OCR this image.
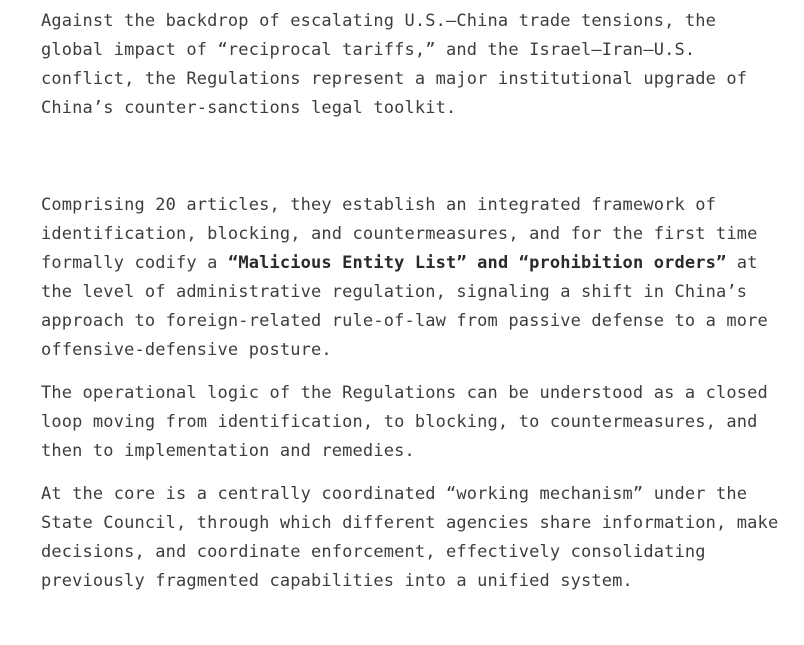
Against the backdrop of escalating U.S.–China trade tensions, the global impact of “reciprocal tariffs,” and the Israel–Iran–U.S. conflict, the Regulations represent a major institutional upgrade of China’s counter-sanctions legal toolkit.

Comprising 20 articles, they establish an integrated framework of identification, blocking, and countermeasures, and for the first time formally codify a “Malicious Entity List” and “prohibition orders” at the level of administrative regulation, signaling a shift in China’s approach to foreign-related rule-of-law from passive defense to a more offensive-defensive posture.

The operational logic of the Regulations can be understood as a closed loop moving from identification, to blocking, to countermeasures, and then to implementation and remedies.

At the core is a centrally coordinated “working mechanism” under the State Council, through which different agencies share information, make decisions, and coordinate enforcement, effectively consolidating previously fragmented capabilities into a unified system.
